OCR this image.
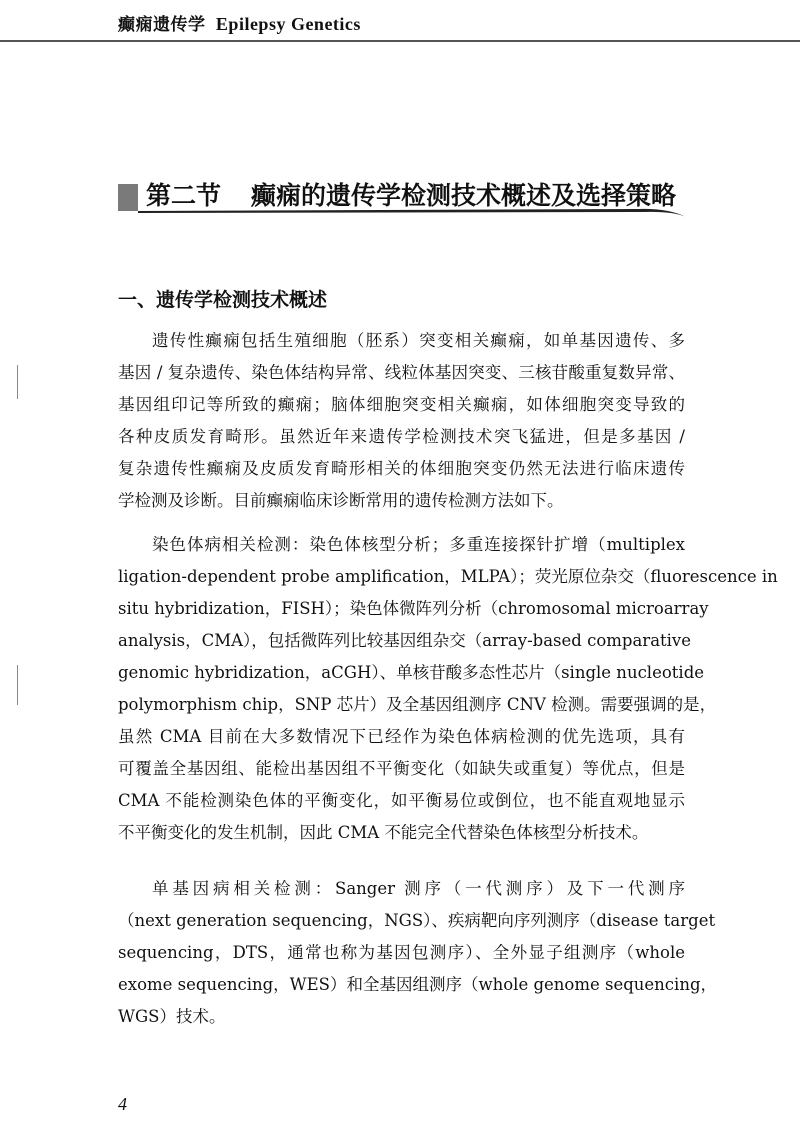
癫痫遗传学 Epilepsy Genetics
第二节 癫痫的遗传学检测技术概述及选择策略
一、遗传学检测技术概述
遗传性癫痫包括生殖细胞（胚系）突变相关癫痫，如单基因遗传、多
基因 / 复杂遗传、染色体结构异常、线粒体基因突变、三核苷酸重复数异常、
基因组印记等所致的癫痫；脑体细胞突变相关癫痫，如体细胞突变导致的
各种皮质发育畸形。虽然近年来遗传学检测技术突飞猛进，但是多基因 /
复杂遗传性癫痫及皮质发育畸形相关的体细胞突变仍然无法进行临床遗传
学检测及诊断。目前癫痫临床诊断常用的遗传检测方法如下。
染色体病相关检测：染色体核型分析；多重连接探针扩增（multiplex
ligation-dependent probe amplification，MLPA）；荧光原位杂交（fluorescence in
situ hybridization，FISH）；染色体微阵列分析（chromosomal microarray
analysis，CMA），包括微阵列比较基因组杂交（array-based comparative
genomic hybridization，aCGH）、单核苷酸多态性芯片（single nucleotide
polymorphism chip，SNP 芯片）及全基因组测序 CNV 检测。需要强调的是，
虽然 CMA 目前在大多数情况下已经作为染色体病检测的优先选项，具有
可覆盖全基因组、能检出基因组不平衡变化（如缺失或重复）等优点，但是
CMA 不能检测染色体的平衡变化，如平衡易位或倒位，也不能直观地显示
不平衡变化的发生机制，因此 CMA 不能完全代替染色体核型分析技术。
单基因病相关检测：Sanger 测序（一代测序）及下一代测序
（next generation sequencing，NGS）、疾病靶向序列测序（disease target
sequencing，DTS，通常也称为基因包测序）、全外显子组测序（whole
exome sequencing，WES）和全基因组测序（whole genome sequencing，
WGS）技术。
4
